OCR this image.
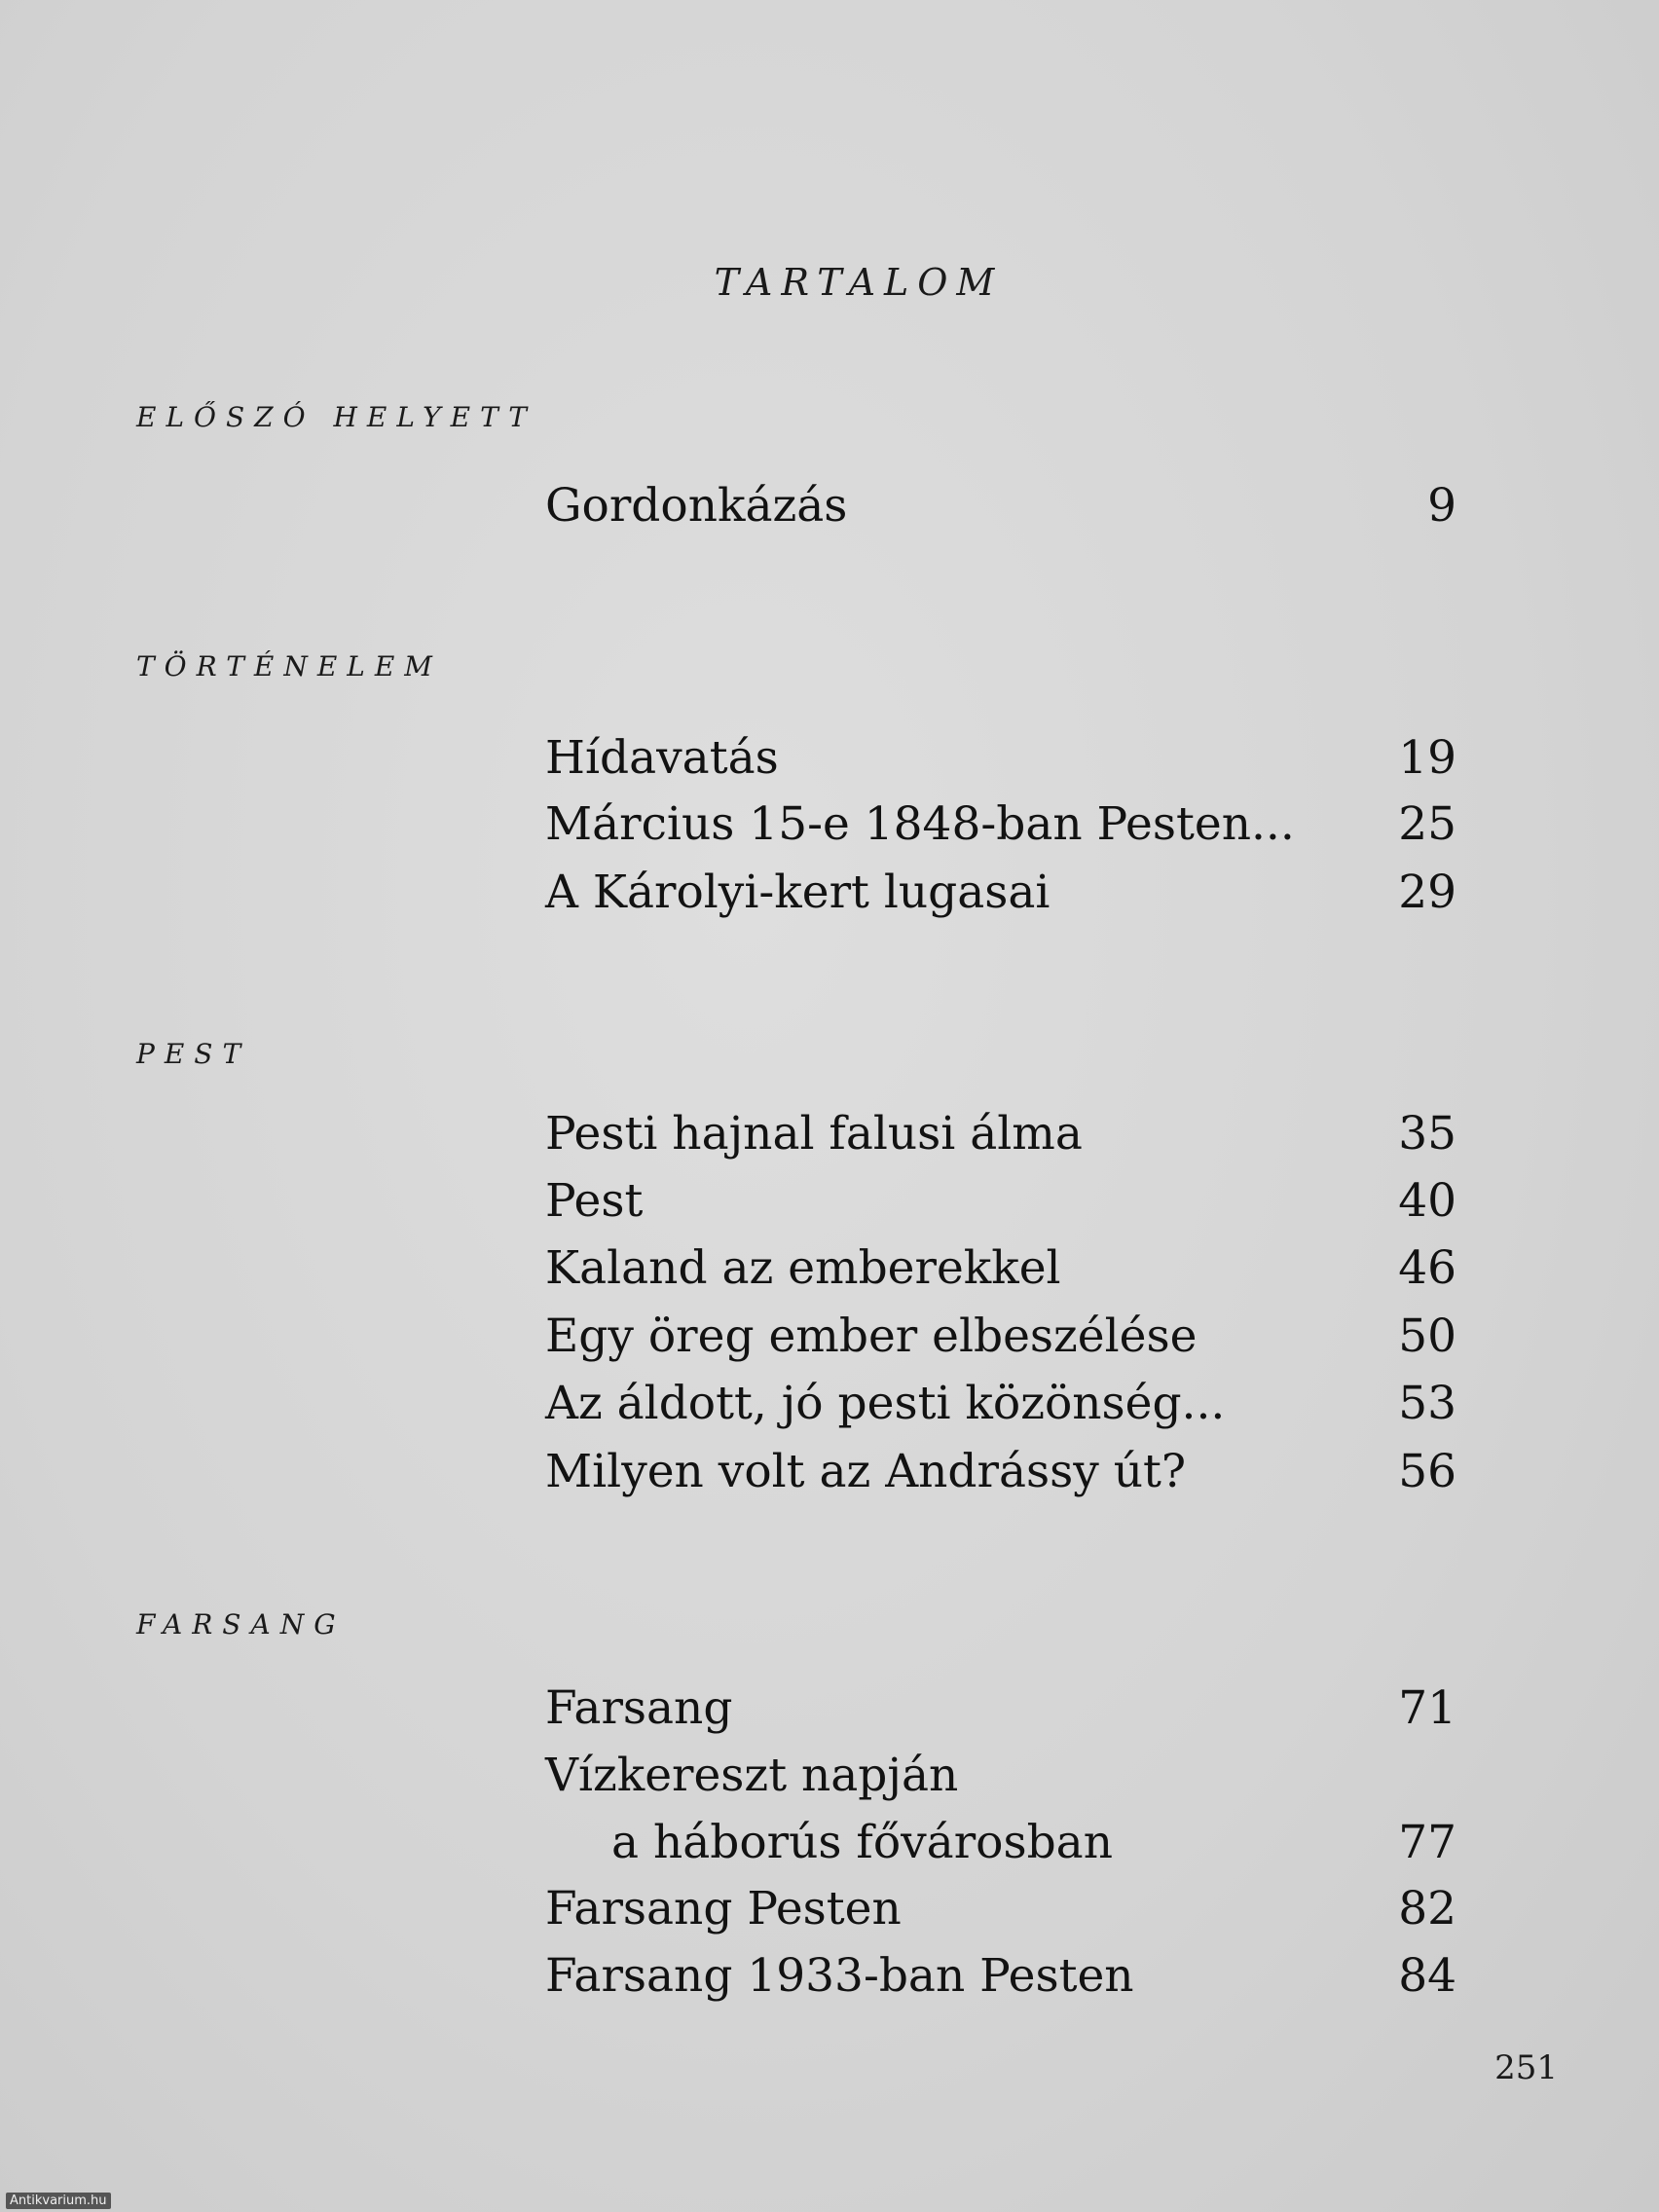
TARTALOM
ELŐSZÓ HELYETT
Gordonkázás	9
TÖRTÉNELEM
Hídavatás	19
Március 15-e 1848-ban Pesten... 25
A Károlyi-kert lugasai	29
PEST
Pesti hajnal falusi álma	35
Pest	40
Kaland az emberekkel	46
Egy öreg ember elbeszélése	50
Az áldott, jó pesti közönség...	53
Milyen volt az Andrássy út?	56
FARSANG
Farsang	71
Vízkereszt napján
a háborús fővárosban	77
Farsang Pesten	82
Farsang 1933-ban Pesten	84
251
Antikvarium.hu
